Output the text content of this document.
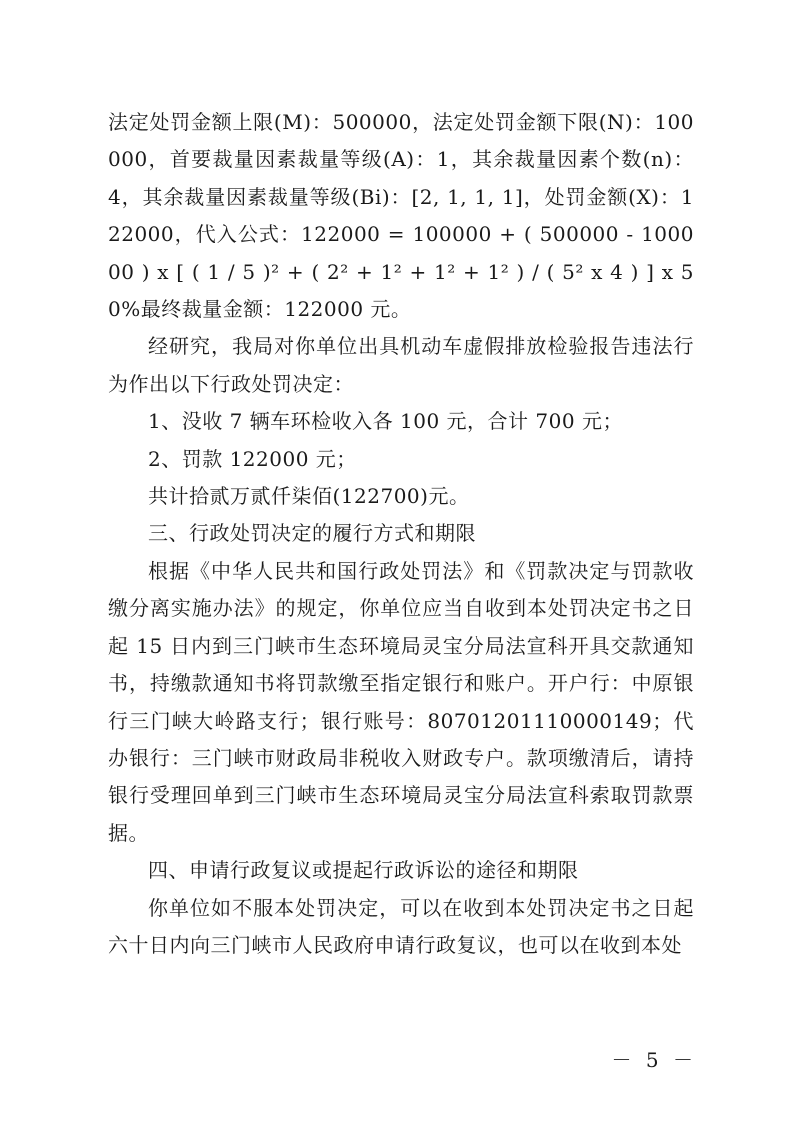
法定处罚金额上限(M)：500000，法定处罚金额下限(N)：100000，首要裁量因素裁量等级(A)：1，其余裁量因素个数(n)：4，其余裁量因素裁量等级(Bi)：[2, 1, 1, 1]，处罚金额(X)：122000，代入公式：122000 = 100000 + ( 500000 - 100000 ) x [ ( 1 / 5 )² + ( 2² + 1² + 1² + 1² ) / ( 5² x 4 ) ] x 50%最终裁量金额：122000 元。

经研究，我局对你单位出具机动车虚假排放检验报告违法行为作出以下行政处罚决定：

1、没收 7 辆车环检收入各 100 元，合计 700 元；

2、罚款 122000 元；

共计拾贰万贰仟柒佰(122700)元。

三、行政处罚决定的履行方式和期限

根据《中华人民共和国行政处罚法》和《罚款决定与罚款收缴分离实施办法》的规定，你单位应当自收到本处罚决定书之日起 15 日内到三门峡市生态环境局灵宝分局法宣科开具交款通知书，持缴款通知书将罚款缴至指定银行和账户。开户行：中原银行三门峡大岭路支行；银行账号：80701201110000149；代办银行：三门峡市财政局非税收入财政专户。款项缴清后，请持银行受理回单到三门峡市生态环境局灵宝分局法宣科索取罚款票据。

四、申请行政复议或提起行政诉讼的途径和期限

你单位如不服本处罚决定，可以在收到本处罚决定书之日起六十日内向三门峡市人民政府申请行政复议，也可以在收到本处

－ 5 －
